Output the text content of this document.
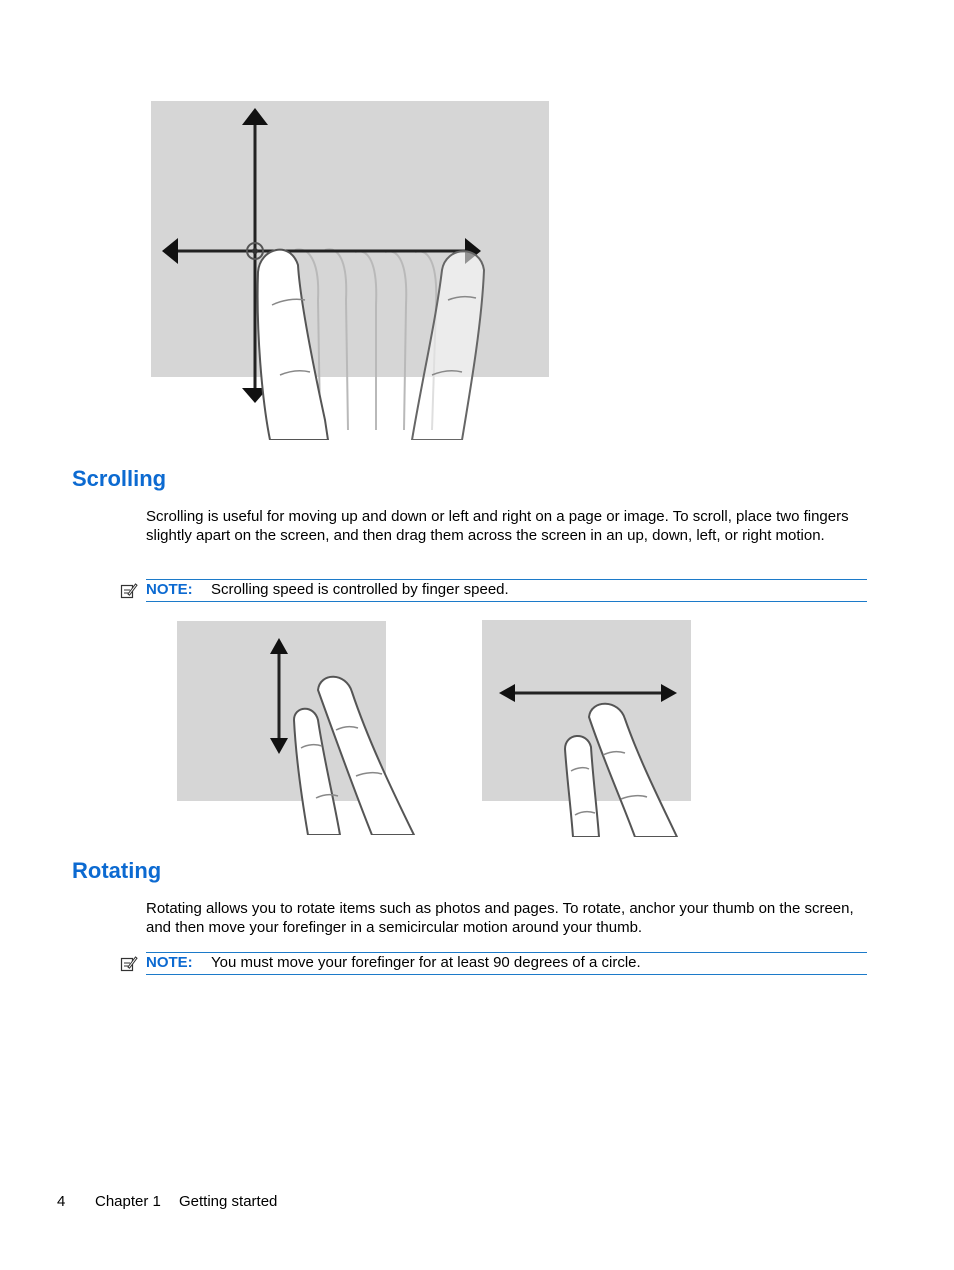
Scrolling

Scrolling is useful for moving up and down or left and right on a page or image. To scroll, place two fingers slightly apart on the screen, and then drag them across the screen in an up, down, left, or right motion.

NOTE: Scrolling speed is controlled by finger speed.
Rotating

Rotating allows you to rotate items such as photos and pages. To rotate, anchor your thumb on the screen, and then move your forefinger in a semicircular motion around your thumb.

NOTE: You must move your forefinger for at least 90 degrees of a circle.
4 Chapter 1 Getting started
